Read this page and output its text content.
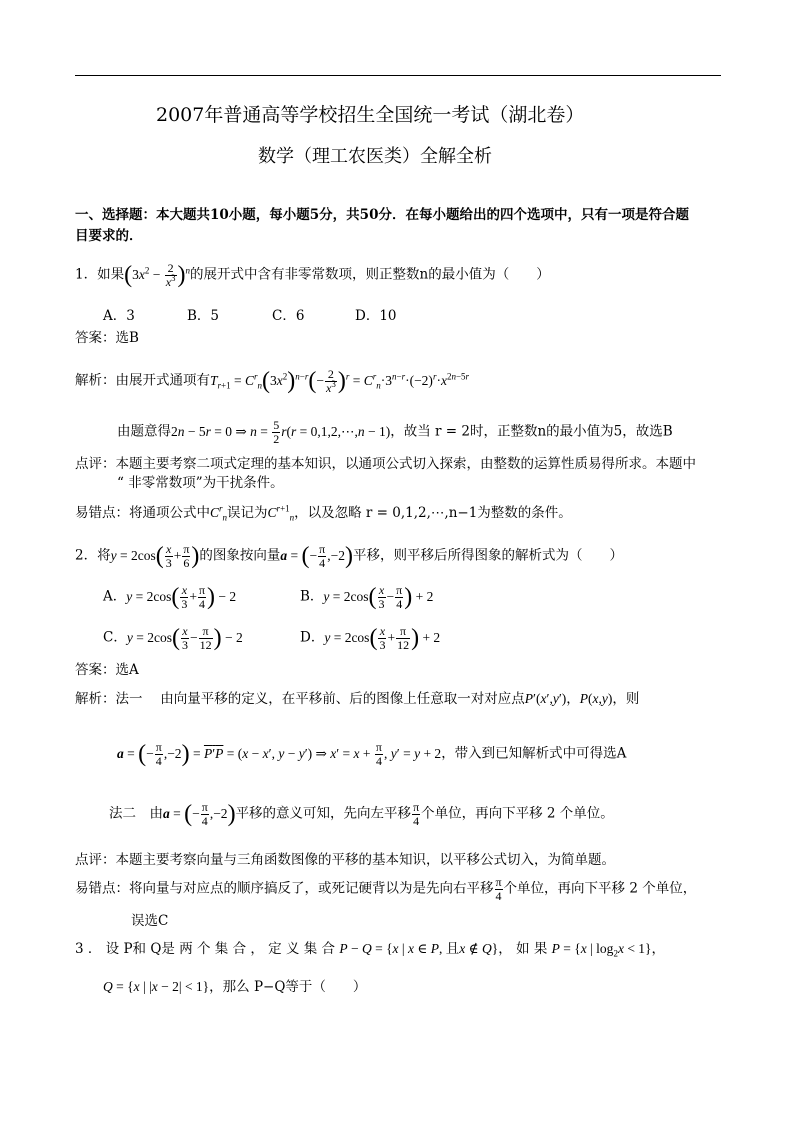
2007年普通高等学校招生全国统一考试（湖北卷）
数学（理工农医类）全解全析
一、选择题：本大题共10小题，每小题5分，共50分．在每小题给出的四个选项中，只有一项是符合题
目要求的．
1．如果$(3x^2 - \frac{2}{x^3} )^n$的展开式中含有非零常数项，则正整数n的最小值为（　　）
A．3	B．5	C．6	D．10
答案：选B
解析：由展开式通项有$T_{r+1} = C^r_n(3x^2)^{n-r}(- \frac{2}{x^3} )^r = C^r_n\cdot 3^{n-r}\cdot(-2)^r\cdot x^{2n-5r}$
由题意得2n − 5r = 0 ⇒ $n = \frac{5}{2} r(r$ = 0,1,2,⋯,n − 1)，故当 r = 2时，正整数n的最小值为5，故选B
点评：本题主要考察二项式定理的基本知识，以通项公式切入探索，由整数的运算性质易得所求。本题中
“ 非零常数项”为干扰条件。
易错点：将通项公式中$C^r_n$误记为$C^{r+1}_n$，以及忽略 r = 0,1,2,⋯,n−1为整数的条件。
2．将$y = 2\cos( \frac{x}{3} + \frac{\pi}{6}$ )的图象按向量a = (− $\frac{\pi}{4} ,-2$)平移，则平移后所得图象的解析式为（　　）
A．$y = 2\cos( \frac{x}{3} + \frac{\pi}{4}$ ) − 2	B．$y = 2\cos( \frac{x}{3} - \frac{\pi}{4}$ ) + 2
C．$y = 2\cos( \frac{x}{3} - \frac{\pi}{12}$ ) − 2	D．$y = 2\cos( \frac{x}{3} + \frac{\pi}{12}$ ) + 2
答案：选A
解析：法一　 由向量平移的定义，在平移前、后的图像上任意取一对对应点P′(x′,y′)，P(x,y)，则
a = (− $\frac{\pi}{4} ,-2) = P'P = (x - x'$, y − y′) ⇒ $x' = x + \frac{\pi}{4}$ , y′ = y + 2，带入到已知解析式中可得选A
法二　由a = (− $\frac{\pi}{4} ,-2$)平移的意义可知，先向左平移 $\frac{\pi}{4}$ 个单位，再向下平移 2 个单位。
点评：本题主要考察向量与三角函数图像的平移的基本知识，以平移公式切入，为简单题。
易错点：将向量与对应点的顺序搞反了，或死记硬背以为是先向右平移 $\frac{\pi}{4}$ 个单位，再向下平移 2 个单位，
误选C
3 ． 设 P和 Q是 两 个 集 合 ， 定 义 集 合 P − Q = {x | x ∈ P, 且x ∉ Q}， 如 果 P = {x | $\log_2x < 1$}，
Q = {x | |x − 2| < 1}，那么 P−Q等于（　　）
